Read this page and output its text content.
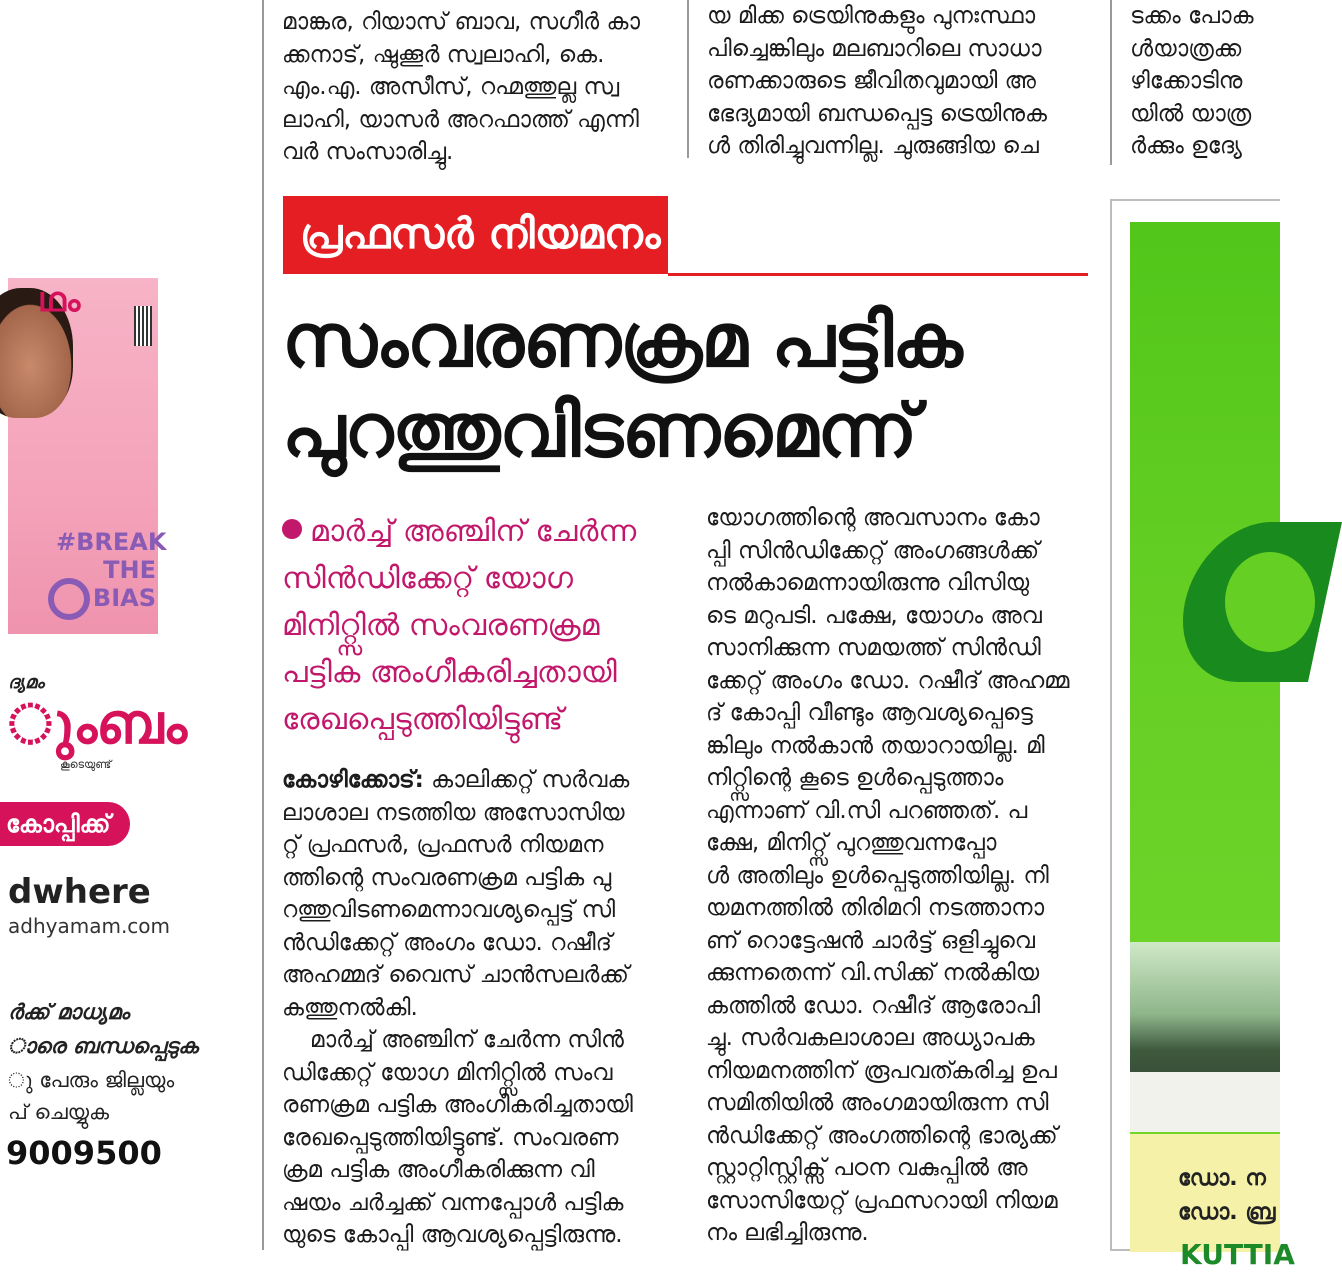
ഥം
#BREAK THE BIAS
ദ്യമം
ുംബം
കൂടെയുണ്ട്
കോപ്പിക്ക്
dwhere
adhyamam.com
ർക്ക് മാധ്യമം
ാരെ ബന്ധപ്പെടുക
ു പേരും ജില്ലയും
പ് ചെയ്യുക
9009500

മാങ്കര, റിയാസ് ബാവ, സഗീർ കാ

ക്കനാട്, ഷുക്കൂർ സ്വലാഹി, കെ.

എം.എ. അസീസ്, റഹ്മത്തുല്ല സ്വ

ലാഹി, യാസർ അറഫാത്ത് എന്നി

വർ സംസാരിച്ചു.

യ മിക്ക ട്രെയിനുകളും പുനഃസ്ഥാ

പിച്ചെങ്കിലും മലബാറിലെ സാധാ

രണക്കാരുടെ ജീവിതവുമായി അ

ഭേദ്യമായി ബന്ധപ്പെട്ട ട്രെയിനുക

ൾ തിരിച്ചുവന്നില്ല. ചുരുങ്ങിയ ചെ

ടക്കം പോക

ൾയാത്രക്ക

ഴിക്കോടിനു

യിൽ യാത്ര

ർക്കും ഉദ്യേ

പ്രഫസർ നിയമനം
സംവരണക്രമ പട്ടിക
പുറത്തുവിടണമെന്ന്

മാർച്ച് അഞ്ചിന് ചേർന്ന

സിൻഡിക്കേറ്റ് യോഗ

മിനിറ്റ്സിൽ സംവരണക്രമ

പട്ടിക അംഗീകരിച്ചതായി

രേഖപ്പെടുത്തിയിട്ടുണ്ട്

കോഴിക്കോട്: കാലിക്കറ്റ് സർവക

ലാശാല നടത്തിയ അസോസിയ

റ്റ് പ്രഫസർ, പ്രഫസർ നിയമന

ത്തിന്റെ സംവരണക്രമ പട്ടിക പു

റത്തുവിടണമെന്നാവശ്യപ്പെട്ട് സി

ൻഡിക്കേറ്റ് അംഗം ഡോ. റഷീദ്

അഹമ്മദ് വൈസ് ചാൻസലർക്ക്

കത്തുനൽകി.

മാർച്ച് അഞ്ചിന് ചേർന്ന സിൻ

ഡിക്കേറ്റ് യോഗ മിനിറ്റ്സിൽ സംവ

രണക്രമ പട്ടിക അംഗീകരിച്ചതായി

രേഖപ്പെടുത്തിയിട്ടുണ്ട്. സംവരണ

ക്രമ പട്ടിക അംഗീകരിക്കുന്ന വി

ഷയം ചർച്ചക്ക് വന്നപ്പോൾ പട്ടിക

യുടെ കോപ്പി ആവശ്യപ്പെട്ടിരുന്നു.

യോഗത്തിന്റെ അവസാനം കോ

പ്പി സിൻഡിക്കേറ്റ് അംഗങ്ങൾക്ക്

നൽകാമെന്നായിരുന്നു വിസിയു

ടെ മറുപടി. പക്ഷേ, യോഗം അവ

സാനിക്കുന്ന സമയത്ത് സിൻഡി

ക്കേറ്റ് അംഗം ഡോ. റഷീദ് അഹമ്മ

ദ് കോപ്പി വീണ്ടും ആവശ്യപ്പെട്ടെ

ങ്കിലും നൽകാൻ തയാറായില്ല. മി

നിറ്റ്സിന്റെ കൂടെ ഉൾപ്പെടുത്താം

എന്നാണ് വി.സി പറഞ്ഞത്. പ

ക്ഷേ, മിനിറ്റ്സ് പുറത്തുവന്നപ്പോ

ൾ അതിലും ഉൾപ്പെടുത്തിയില്ല. നി

യമനത്തിൽ തിരിമറി നടത്താനാ

ണ് റൊട്ടേഷൻ ചാർട്ട് ഒളിച്ചുവെ

ക്കുന്നതെന്ന് വി.സിക്ക് നൽകിയ

കത്തിൽ ഡോ. റഷീദ് ആരോപി

ച്ചു. സർവകലാശാല അധ്യാപക

നിയമനത്തിന് രൂപവത്കരിച്ച ഉപ

സമിതിയിൽ അംഗമായിരുന്ന സി

ൻഡിക്കേറ്റ് അംഗത്തിന്റെ ഭാര്യക്ക്

സ്റ്റാറ്റിസ്റ്റിക്സ് പഠന വകുപ്പിൽ അ

സോസിയേറ്റ് പ്രഫസറായി നിയമ

നം ലഭിച്ചിരുന്നു.

ഡോ. ന
ഡോ. ബ്ര
KUTTIA
